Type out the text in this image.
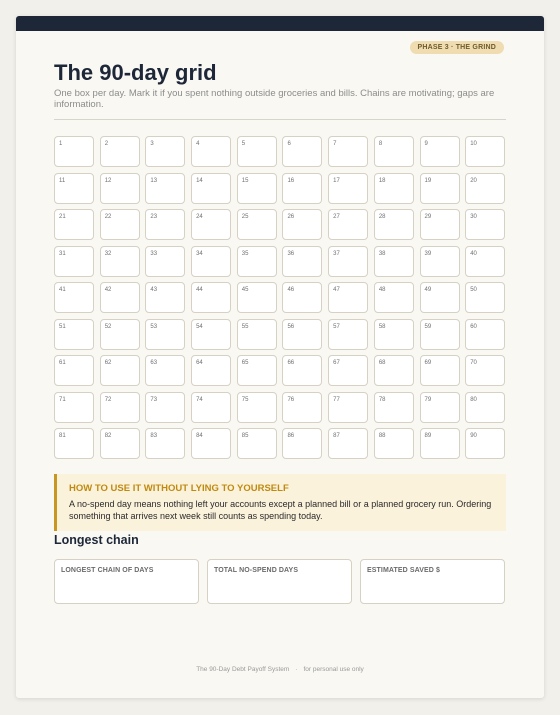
PHASE 3 · THE GRIND
The 90-day grid
One box per day. Mark it if you spent nothing outside groceries and bills. Chains are motivating; gaps are information.
1	2	3	4	5	6	7	8	9	10
11	12	13	14	15	16	17	18	19	20
21	22	23	24	25	26	27	28	29	30
31	32	33	34	35	36	37	38	39	40
41	42	43	44	45	46	47	48	49	50
51	52	53	54	55	56	57	58	59	60
61	62	63	64	65	66	67	68	69	70
71	72	73	74	75	76	77	78	79	80
81	82	83	84	85	86	87	88	89	90
HOW TO USE IT WITHOUT LYING TO YOURSELF
A no-spend day means nothing left your accounts except a planned bill or a planned grocery run. Ordering something that arrives next week still counts as spending today.
Longest chain
LONGEST CHAIN OF DAYS	TOTAL NO-SPEND DAYS	ESTIMATED SAVED $
The 90-Day Debt Payoff System · for personal use only
